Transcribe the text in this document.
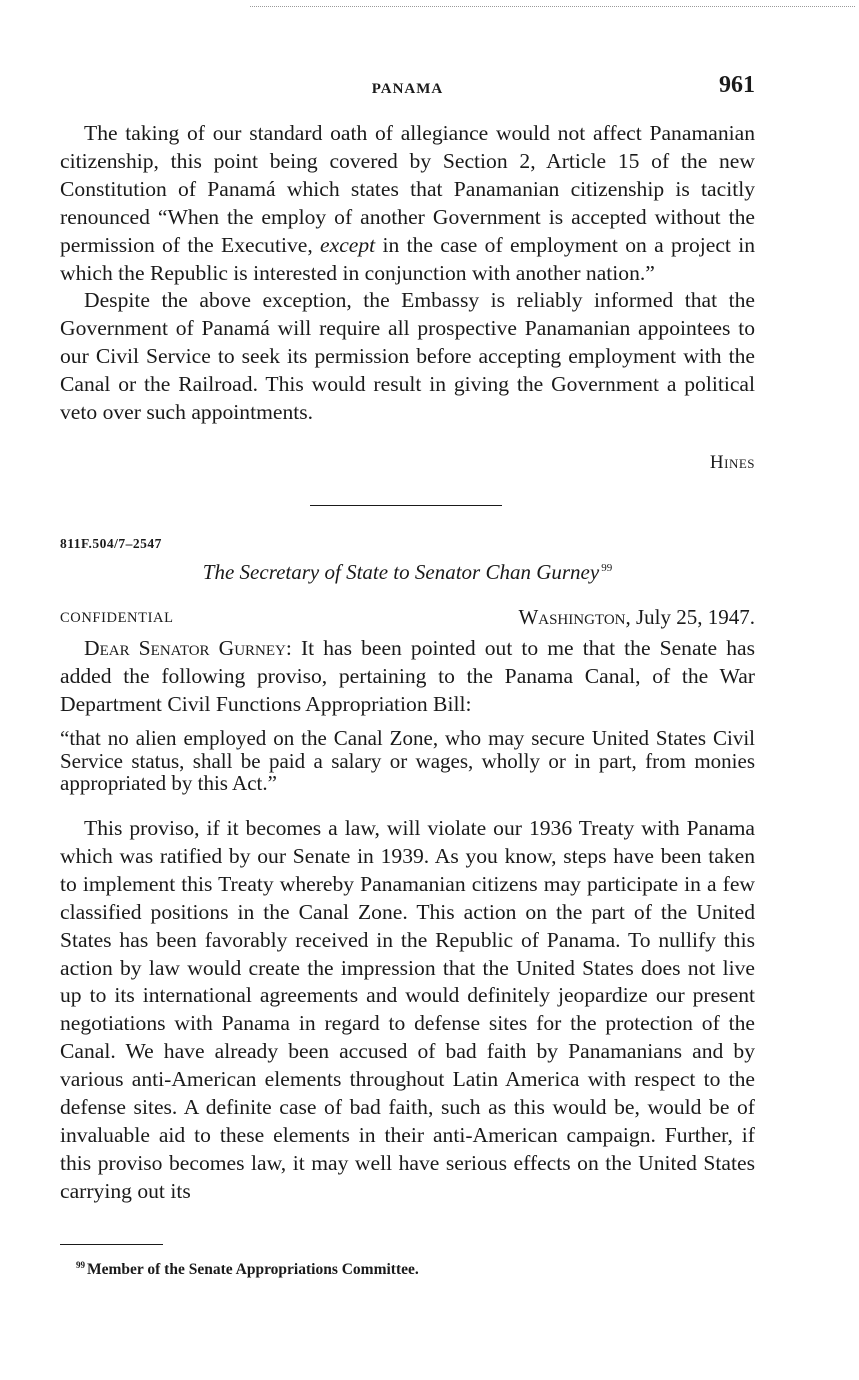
PANAMA	961

The taking of our standard oath of allegiance would not affect Panamanian citizenship, this point being covered by Section 2, Article 15 of the new Constitution of Panamá which states that Panamanian citizenship is tacitly renounced “When the employ of another Government is accepted without the permission of the Executive, except in the case of employment on a project in which the Republic is interested in conjunction with another nation.”

Despite the above exception, the Embassy is reliably informed that the Government of Panamá will require all prospective Panamanian appointees to our Civil Service to seek its permission before accepting employment with the Canal or the Railroad. This would result in giving the Government a political veto over such appointments.

Hines
811F.504/7–2547
The Secretary of State to Senator Chan Gurney $^{99}$
CONFIDENTIAL	Washington, July 25, 1947.

Dear Senator Gurney: It has been pointed out to me that the Senate has added the following proviso, pertaining to the Panama Canal, of the War Department Civil Functions Appropriation Bill:

“that no alien employed on the Canal Zone, who may secure United States Civil Service status, shall be paid a salary or wages, wholly or in part, from monies appropriated by this Act.”

This proviso, if it becomes a law, will violate our 1936 Treaty with Panama which was ratified by our Senate in 1939. As you know, steps have been taken to implement this Treaty whereby Panamanian citizens may participate in a few classified positions in the Canal Zone. This action on the part of the United States has been favorably received in the Republic of Panama. To nullify this action by law would create the impression that the United States does not live up to its international agreements and would definitely jeopardize our present negotiations with Panama in regard to defense sites for the protection of the Canal. We have already been accused of bad faith by Panamanians and by various anti-American elements throughout Latin America with respect to the defense sites. A definite case of bad faith, such as this would be, would be of invaluable aid to these elements in their anti-American campaign. Further, if this proviso becomes law, it may well have serious effects on the United States carrying out its

$^{99}$ Member of the Senate Appropriations Committee.
